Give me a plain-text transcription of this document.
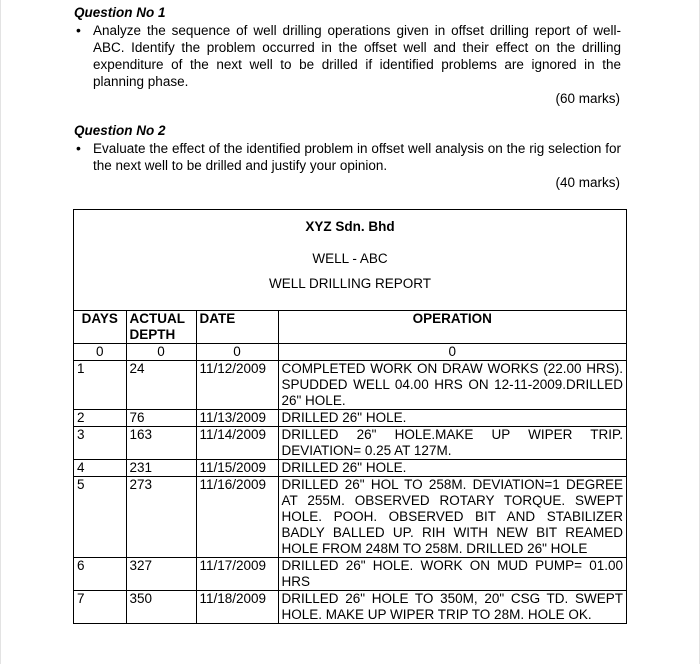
Question No 1
• Analyze the sequence of well drilling operations given in offset drilling report of well-ABC. Identify the problem occurred in the offset well and their effect on the drilling expenditure of the next well to be drilled if identified problems are ignored in the planning phase.
(60 marks)
Question No 2
• Evaluate the effect of the identified problem in offset well analysis on the rig selection for the next well to be drilled and justify your opinion.
(40 marks)
XYZ Sdn. Bhd
WELL - ABC
WELL DRILLING REPORT
DAYS	ACTUAL DEPTH	DATE	OPERATION
0	0	0	0
1	24	11/12/2009	COMPLETED WORK ON DRAW WORKS (22.00 HRS). SPUDDED WELL 04.00 HRS ON 12-11-2009.DRILLED 26" HOLE.
2	76	11/13/2009	DRILLED 26" HOLE.
3	163	11/14/2009	DRILLED 26" HOLE.MAKE UP WIPER TRIP. DEVIATION= 0.25 AT 127M.
4	231	11/15/2009	DRILLED 26" HOLE.
5	273	11/16/2009	DRILLED 26" HOL TO 258M. DEVIATION=1 DEGREE AT 255M. OBSERVED ROTARY TORQUE. SWEPT HOLE. POOH. OBSERVED BIT AND STABILIZER BADLY BALLED UP. RIH WITH NEW BIT REAMED HOLE FROM 248M TO 258M. DRILLED 26" HOLE
6	327	11/17/2009	DRILLED 26" HOLE. WORK ON MUD PUMP= 01.00 HRS
7	350	11/18/2009	DRILLED 26" HOLE TO 350M, 20" CSG TD. SWEPT HOLE. MAKE UP WIPER TRIP TO 28M. HOLE OK.
